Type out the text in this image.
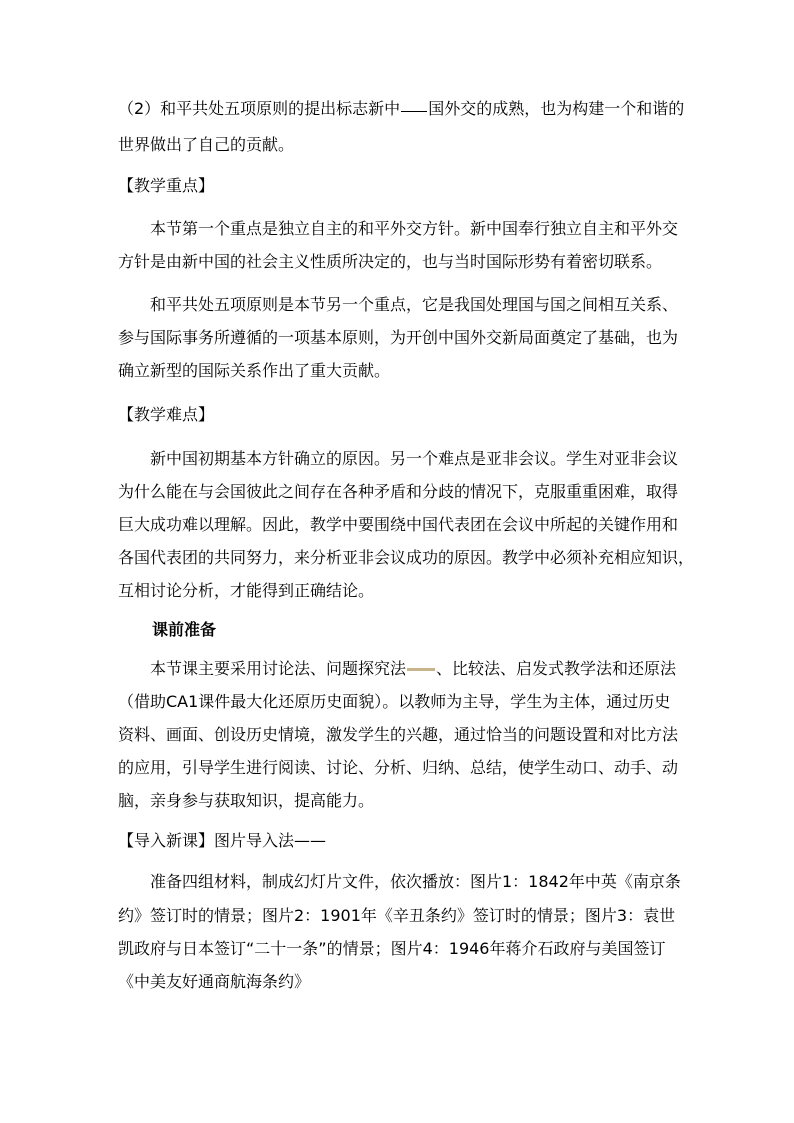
（2）和平共处五项原则的提出标志新中 国外交的成熟，也为构建一个和谐的

世界做出了自己的贡献。

【教学重点】

本节第一个重点是独立自主的和平外交方针。新中国奉行独立自主和平外交

方针是由新中国的社会主义性质所决定的，也与当时国际形势有着密切联系。

和平共处五项原则是本节另一个重点，它是我国处理国与国之间相互关系、

参与国际事务所遵循的一项基本原则，为开创中国外交新局面奠定了基础，也为

确立新型的国际关系作出了重大贡献。

【教学难点】

新中国初期基本方针确立的原因。另一个难点是亚非会议。学生对亚非会议

为什么能在与会国彼此之间存在各种矛盾和分歧的情况下，克服重重困难，取得

巨大成功难以理解。因此，教学中要围绕中国代表团在会议中所起的关键作用和

各国代表团的共同努力，来分析亚非会议成功的原因。教学中必须补充相应知识，

互相讨论分析，才能得到正确结论。

课前准备

本节课主要采用讨论法、问题探究法 、比较法、启发式教学法和还原法

（借助CA1课件最大化还原历史面貌）。以教师为主导，学生为主体，通过历史

资料、画面、创设历史情境，激发学生的兴趣，通过恰当的问题设置和对比方法

的应用，引导学生进行阅读、讨论、分析、归纳、总结，使学生动口、动手、动

脑，亲身参与获取知识，提高能力。

【导入新课】图片导入法——

准备四组材料，制成幻灯片文件，依次播放：图片1：1842年中英《南京条

约》签订时的情景；图片2：1901年《辛丑条约》签订时的情景；图片3：袁世

凯政府与日本签订“二十一条”的情景；图片4：1946年蒋介石政府与美国签订

《中美友好通商航海条约》
